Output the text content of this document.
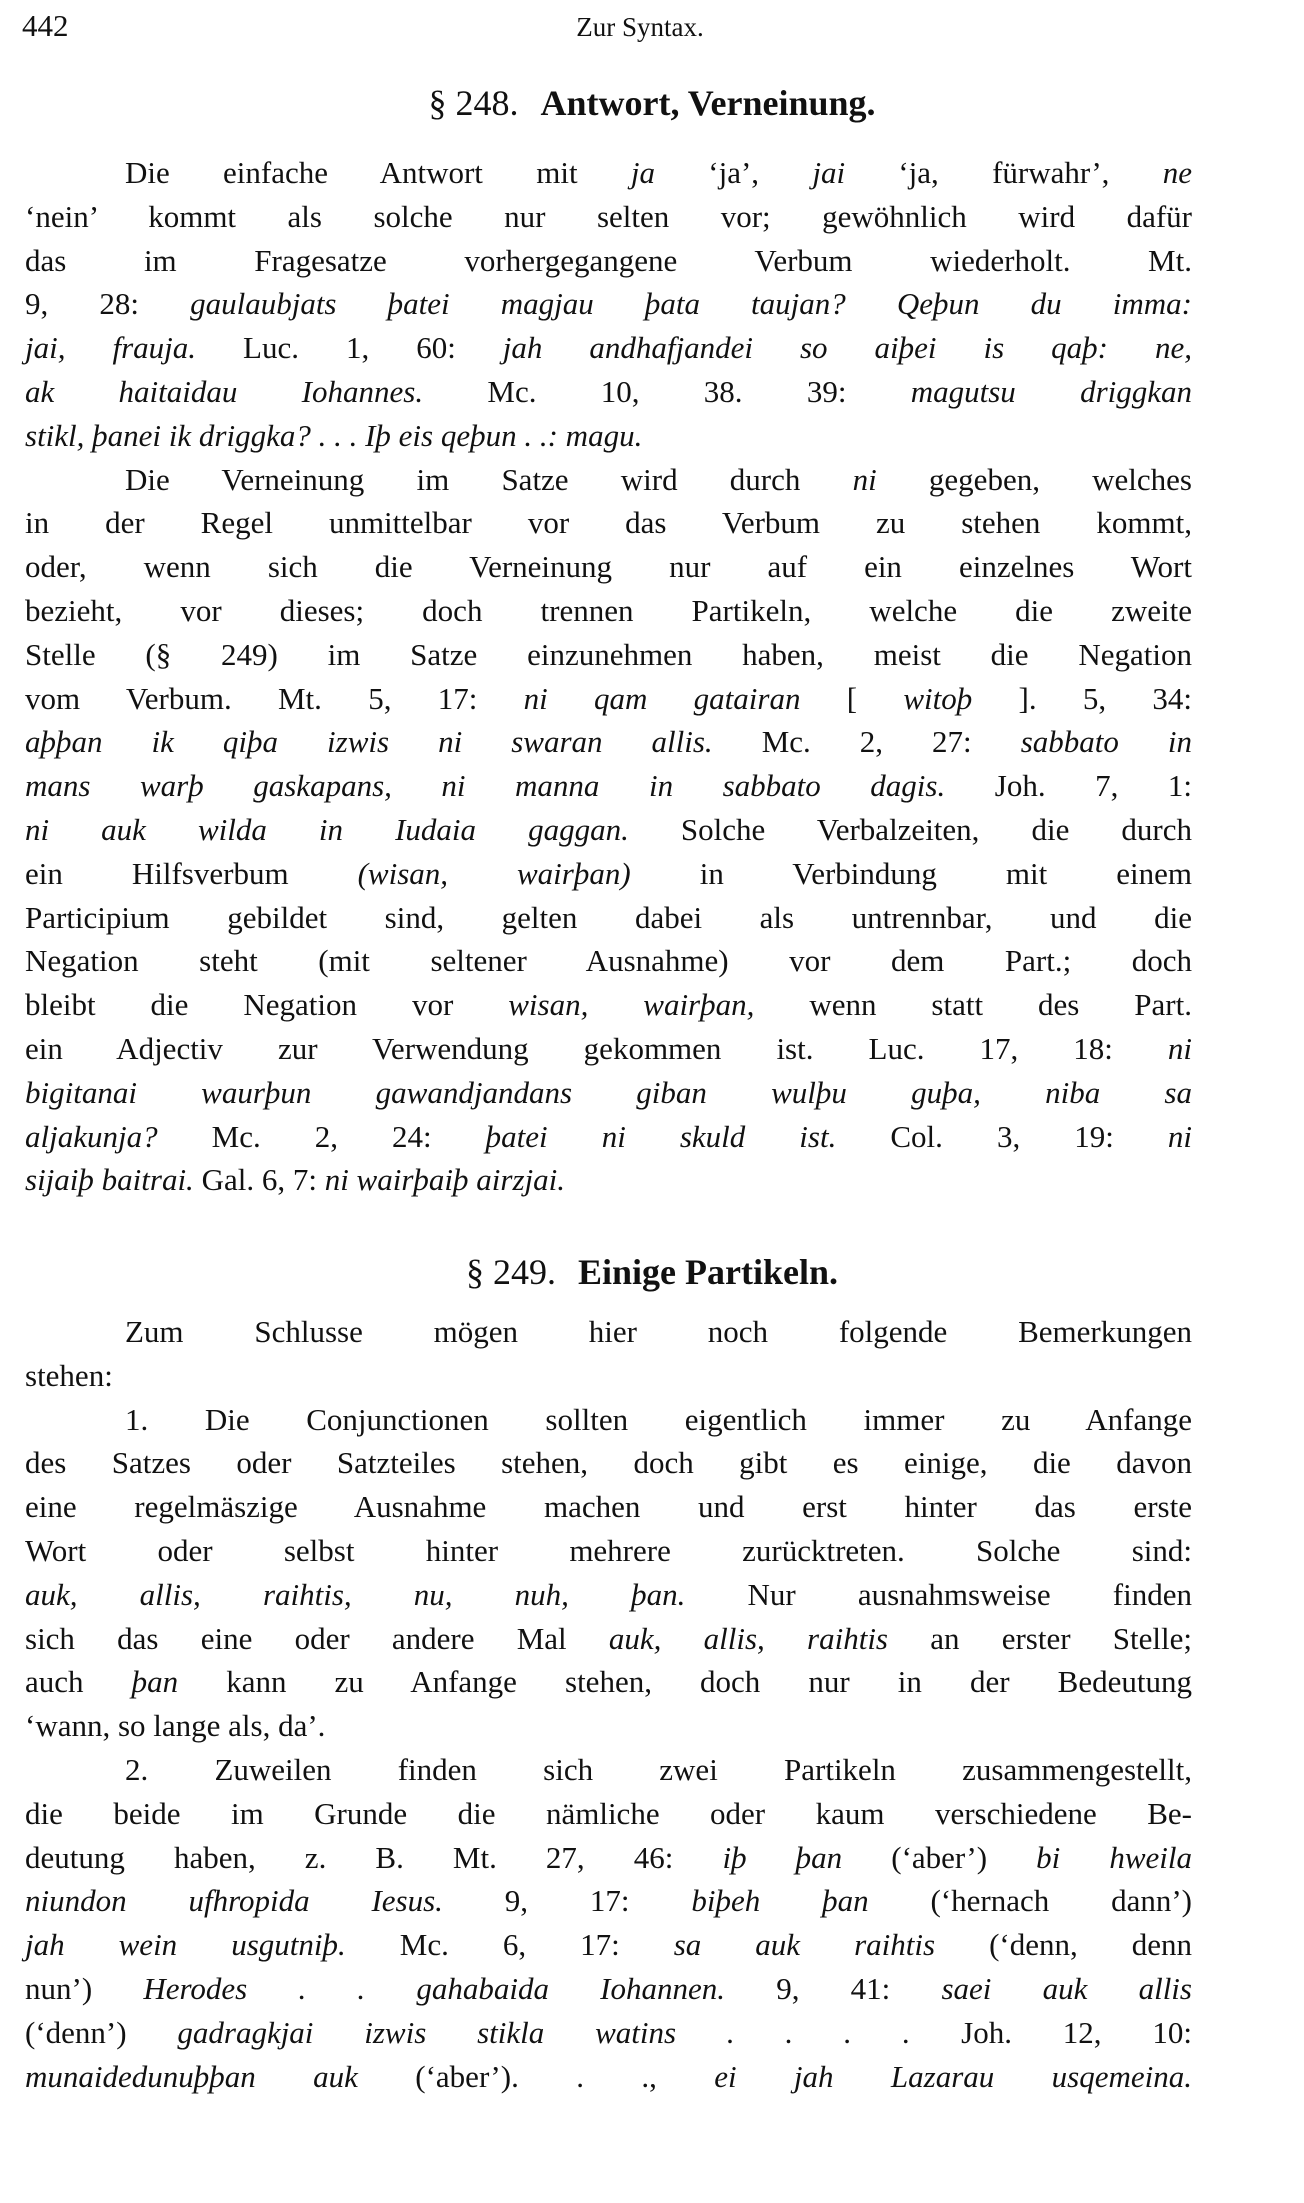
442	Zur Syntax.
§ 248. Antwort, Verneinung.
Die einfache Antwort mit ja ‘ja’, jai ‘ja, fürwahr’, ne
‘nein’ kommt als solche nur selten vor; gewöhnlich wird dafür
das im Fragesatze vorhergegangene Verbum wiederholt. Mt.
9, 28: gaulaubjats þatei magjau þata taujan? Qeþun du imma:
jai, frauja. Luc. 1, 60: jah andhafjandei so aiþei is qaþ: ne,
ak haitaidau Iohannes. Mc. 10, 38. 39: magutsu driggkan
stikl, þanei ik driggka? . . . Iþ eis qeþun . .: magu.
Die Verneinung im Satze wird durch ni gegeben, welches
in der Regel unmittelbar vor das Verbum zu stehen kommt,
oder, wenn sich die Verneinung nur auf ein einzelnes Wort
bezieht, vor dieses; doch trennen Partikeln, welche die zweite
Stelle (§ 249) im Satze einzunehmen haben, meist die Negation
vom Verbum. Mt. 5, 17: ni qam gatairan [ witoþ ]. 5, 34:
aþþan ik qiþa izwis ni swaran allis. Mc. 2, 27: sabbato in
mans warþ gaskapans, ni manna in sabbato dagis. Joh. 7, 1:
ni auk wilda in Iudaia gaggan. Solche Verbalzeiten, die durch
ein Hilfsverbum (wisan, wairþan) in Verbindung mit einem
Participium gebildet sind, gelten dabei als untrennbar, und die
Negation steht (mit seltener Ausnahme) vor dem Part.; doch
bleibt die Negation vor wisan, wairþan, wenn statt des Part.
ein Adjectiv zur Verwendung gekommen ist. Luc. 17, 18: ni
bigitanai waurþun gawandjandans giban wulþu guþa, niba sa
aljakunja? Mc. 2, 24: þatei ni skuld ist. Col. 3, 19: ni
sijaiþ baitrai. Gal. 6, 7: ni wairþaiþ airzjai.
§ 249. Einige Partikeln.
Zum Schlusse mögen hier noch folgende Bemerkungen
stehen:
1. Die Conjunctionen sollten eigentlich immer zu Anfange
des Satzes oder Satzteiles stehen, doch gibt es einige, die davon
eine regelmäszige Ausnahme machen und erst hinter das erste
Wort oder selbst hinter mehrere zurücktreten. Solche sind:
auk, allis, raihtis, nu, nuh, þan. Nur ausnahmsweise finden
sich das eine oder andere Mal auk, allis, raihtis an erster Stelle;
auch þan kann zu Anfange stehen, doch nur in der Bedeutung
‘wann, so lange als, da’.
2. Zuweilen finden sich zwei Partikeln zusammengestellt,
die beide im Grunde die nämliche oder kaum verschiedene Be-
deutung haben, z. B. Mt. 27, 46: iþ þan (‘aber’) bi hweila
niundon ufhropida Iesus. 9, 17: biþeh þan (‘hernach dann’)
jah wein usgutniþ. Mc. 6, 17: sa auk raihtis (‘denn, denn
nun’) Herodes . . gahabaida Iohannen. 9, 41: saei auk allis
(‘denn’) gadragkjai izwis stikla watins . . . . Joh. 12, 10:
munaidedunuþþan auk (‘aber’). . ., ei jah Lazarau usqemeina.
